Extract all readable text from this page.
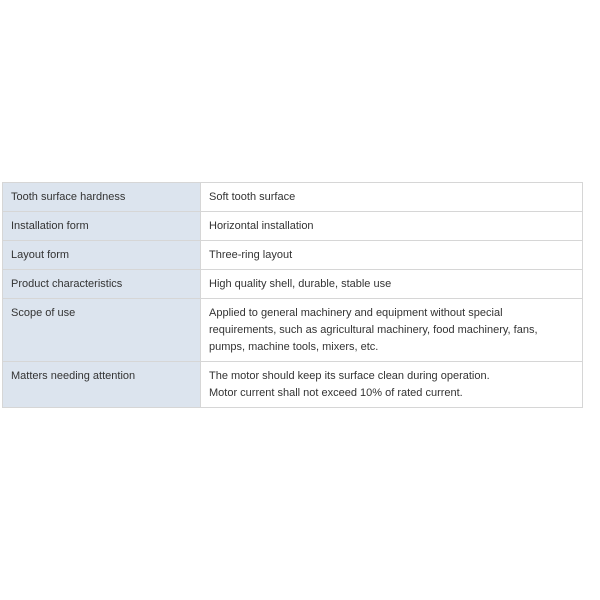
Tooth surface hardness	Soft tooth surface

Installation form	Horizontal installation

Layout form	Three-ring layout

Product characteristics	High quality shell, durable, stable use

Scope of use	Applied to general machinery and equipment without special
requirements, such as agricultural machinery, food machinery, fans,
pumps, machine tools, mixers, etc.

Matters needing attention	The motor should keep its surface clean during operation.
Motor current shall not exceed 10% of rated current.
